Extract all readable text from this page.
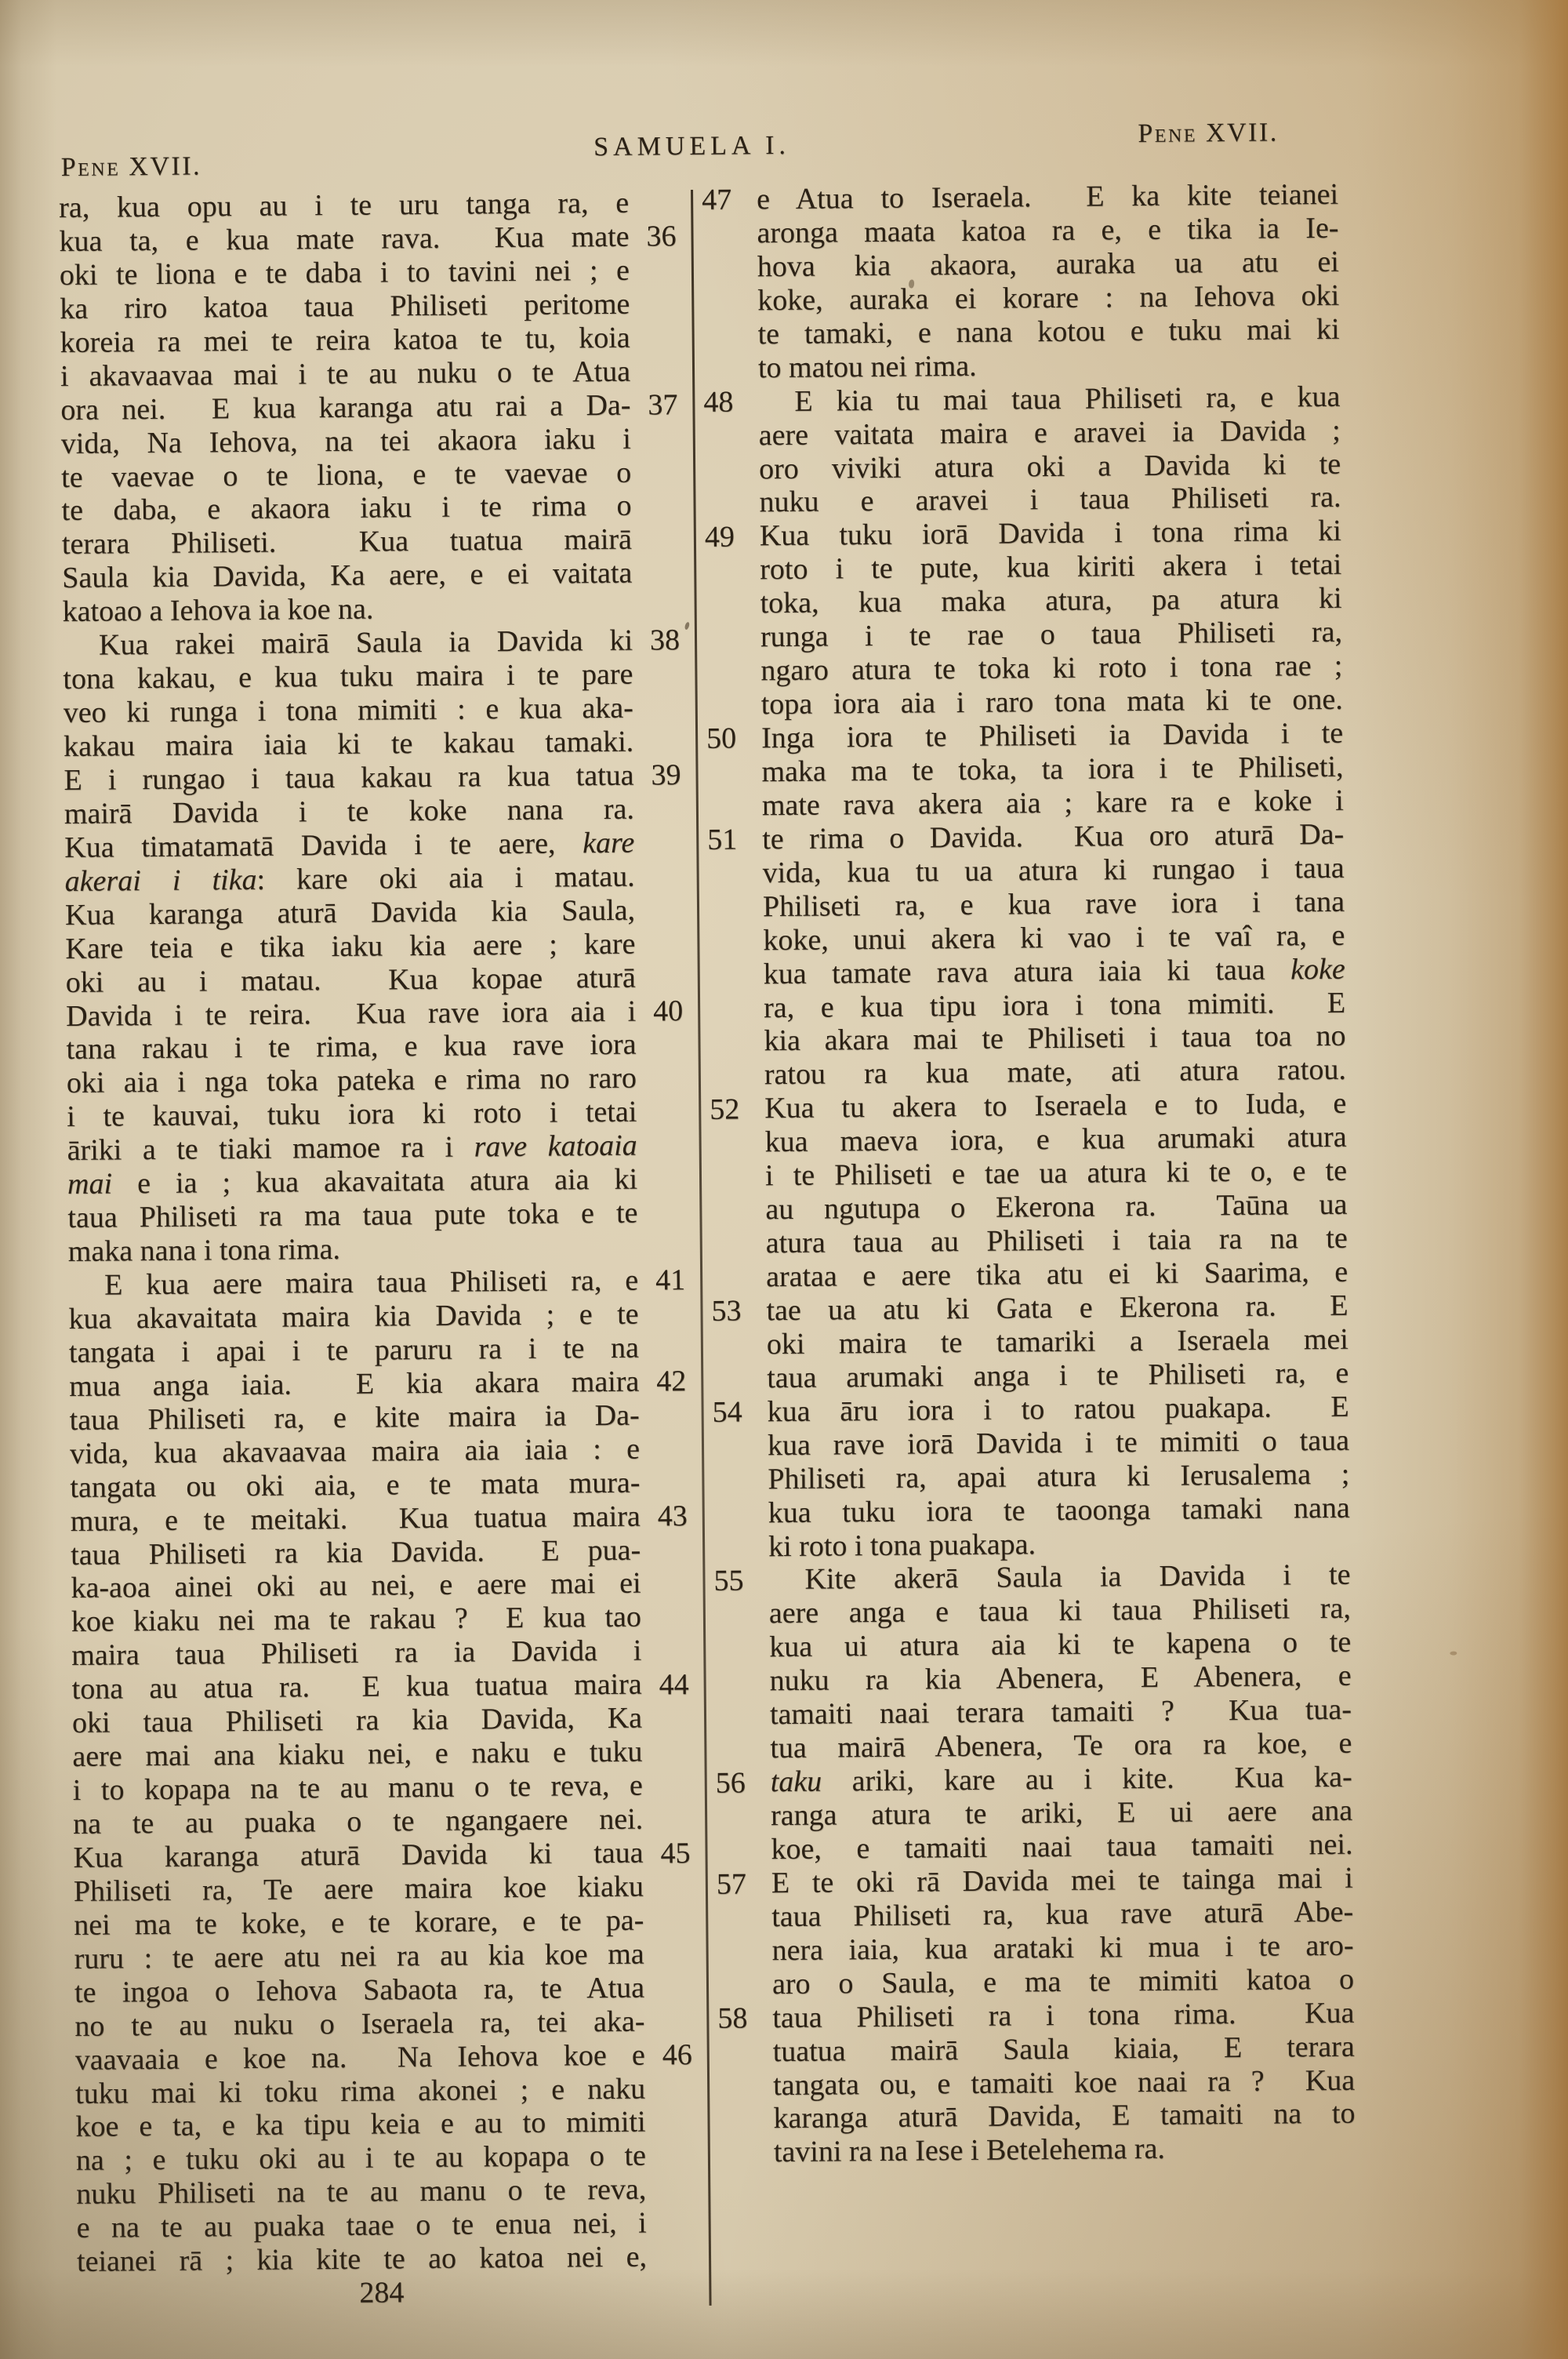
Pene XVII.
SAMUELA I.	Pene XVII.
ra, kua opu au i te uru tanga ra, e
kua ta, e kua mate rava.  Kua mate 36
oki te liona e te daba i to tavini nei ; e
ka riro katoa taua Philiseti peritome
koreia ra mei te reira katoa te tu, koia
i akavaavaa mai i te au nuku o te Atua
ora nei.  E kua karanga atu rai a Da- 37
vida, Na Iehova, na tei akaora iaku i
te vaevae o te liona, e te vaevae o
te daba, e akaora iaku i te rima o
terara Philiseti.  Kua tuatua mairā
Saula kia Davida, Ka aere, e ei vaitata
katoao a Iehova ia koe na.
Kua rakei mairā Saula ia Davida ki 38
tona kakau, e kua tuku maira i te pare
veo ki runga i tona mimiti : e kua aka-
kakau maira iaia ki te kakau tamaki.
E i rungao i taua kakau ra kua tatua 39
mairā Davida i te koke nana ra.
Kua timatamatā Davida i te aere, kare
akerai i tika: kare oki aia i matau.
Kua karanga aturā Davida kia Saula,
Kare teia e tika iaku kia aere ; kare
oki au i matau.  Kua kopae aturā
Davida i te reira.  Kua rave iora aia i 40
tana rakau i te rima, e kua rave iora
oki aia i nga toka pateka e rima no raro
i te kauvai, tuku iora ki roto i tetai
āriki a te tiaki mamoe ra i rave katoaia
mai e ia ; kua akavaitata atura aia ki
taua Philiseti ra ma taua pute toka e te
maka nana i tona rima.
E kua aere maira taua Philiseti ra, e 41
kua akavaitata maira kia Davida ; e te
tangata i apai i te paruru ra i te na
mua anga iaia.  E kia akara maira 42
taua Philiseti ra, e kite maira ia Da-
vida, kua akavaavaa maira aia iaia : e
tangata ou oki aia, e te mata mura-
mura, e te meitaki.  Kua tuatua maira 43
taua Philiseti ra kia Davida.  E pua-
ka-aoa ainei oki au nei, e aere mai ei
koe kiaku nei ma te rakau ?  E kua tao
maira taua Philiseti ra ia Davida i
tona au atua ra.  E kua tuatua maira 44
oki taua Philiseti ra kia Davida, Ka
aere mai ana kiaku nei, e naku e tuku
i to kopapa na te au manu o te reva, e
na te au puaka o te ngangaere nei.
Kua karanga aturā Davida ki taua 45
Philiseti ra, Te aere maira koe kiaku
nei ma te koke, e te korare, e te pa-
ruru : te aere atu nei ra au kia koe ma
te ingoa o Iehova Sabaota ra, te Atua
no te au nuku o Iseraela ra, tei aka-
vaavaaia e koe na.  Na Iehova koe e 46
tuku mai ki toku rima akonei ; e naku
koe e ta, e ka tipu keia e au to mimiti
na ; e tuku oki au i te au kopapa o te
nuku Philiseti na te au manu o te reva,
e na te au puaka taae o te enua nei, i
teianei rā ; kia kite te ao katoa nei e,
e Atua to Iseraela.  E ka kite teianei
47
aronga maata katoa ra e, e tika ia Ie-
hova kia akaora, auraka ua atu ei
koke, auraka ei korare : na Iehova oki
te tamaki, e nana kotou e tuku mai ki
to matou nei rima.
E kia tu mai taua Philiseti ra, e kua
48
aere vaitata maira e aravei ia Davida ;
oro viviki atura oki a Davida ki te
nuku e aravei i taua Philiseti ra.
Kua tuku iorā Davida i tona rima ki
49
roto i te pute, kua kiriti akera i tetai
toka, kua maka atura, pa atura ki
runga i te rae o taua Philiseti ra,
ngaro atura te toka ki roto i tona rae ;
topa iora aia i raro tona mata ki te one.
Inga iora te Philiseti ia Davida i te
50
maka ma te toka, ta iora i te Philiseti,
mate rava akera aia ; kare ra e koke i
te rima o Davida.  Kua oro aturā Da-
51
vida, kua tu ua atura ki rungao i taua
Philiseti ra, e kua rave iora i tana
koke, unui akera ki vao i te vaî ra, e
kua tamate rava atura iaia ki taua koke
ra, e kua tipu iora i tona mimiti.  E
kia akara mai te Philiseti i taua toa no
ratou ra kua mate, ati atura ratou.
Kua tu akera to Iseraela e to Iuda, e
52
kua maeva iora, e kua arumaki atura
i te Philiseti e tae ua atura ki te o, e te
au ngutupa o Ekerona ra.  Taūna ua
atura taua au Philiseti i taia ra na te
arataa e aere tika atu ei ki Saarima, e
tae ua atu ki Gata e Ekerona ra.  E
53
oki maira te tamariki a Iseraela mei
taua arumaki anga i te Philiseti ra, e
kua āru iora i to ratou puakapa.  E
54
kua rave iorā Davida i te mimiti o taua
Philiseti ra, apai atura ki Ierusalema ;
kua tuku iora te taoonga tamaki nana
ki roto i tona puakapa.
Kite akerā Saula ia Davida i te
55
aere anga e taua ki taua Philiseti ra,
kua ui atura aia ki te kapena o te
nuku ra kia Abenera, E Abenera, e
tamaiti naai terara tamaiti ?  Kua tua-
tua mairā Abenera, Te ora ra koe, e
taku ariki, kare au i kite.  Kua ka-
56
ranga atura te ariki, E ui aere ana
koe, e tamaiti naai taua tamaiti nei.
E te oki rā Davida mei te tainga mai i
57
taua Philiseti ra, kua rave aturā Abe-
nera iaia, kua arataki ki mua i te aro-
aro o Saula, e ma te mimiti katoa o
taua Philiseti ra i tona rima.  Kua
58
tuatua mairā Saula kiaia, E terara
tangata ou, e tamaiti koe naai ra ?  Kua
karanga aturā Davida, E tamaiti na to
tavini ra na Iese i Betelehema ra.
284
